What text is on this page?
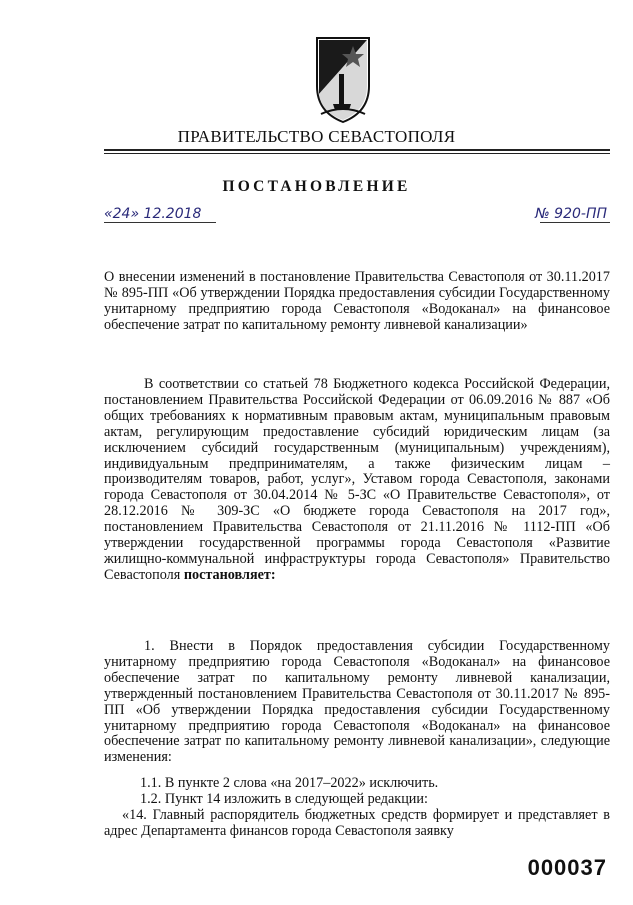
ПРАВИТЕЛЬСТВО СЕВАСТОПОЛЯ
ПОСТАНОВЛЕНИЕ
«24» 12.2018	№ 920-ПП
О внесении изменений в постановление Правительства Севастополя от 30.11.2017 № 895-ПП «Об утверждении Порядка предоставления субсидии Государственному унитарному предприятию города Севастополя «Водоканал» на финансовое обеспечение затрат по капитальному ремонту ливневой канализации»
В соответствии со статьей 78 Бюджетного кодекса Российской Федерации, постановлением Правительства Российской Федерации от 06.09.2016 № 887 «Об общих требованиях к нормативным правовым актам, муниципальным правовым актам, регулирующим предоставление субсидий юридическим лицам (за исключением субсидий государственным (муниципальным) учреждениям), индивидуальным предпринимателям, а также физическим лицам – производителям товаров, работ, услуг», Уставом города Севастополя, законами города Севастополя от 30.04.2014 № 5-ЗС «О Правительстве Севастополя», от 28.12.2016 № 309-ЗС «О бюджете города Севастополя на 2017 год», постановлением Правительства Севастополя от 21.11.2016 № 1112-ПП «Об утверждении государственной программы города Севастополя «Развитие жилищно-коммунальной инфраструктуры города Севастополя» Правительство Севастополя постановляет:
1. Внести в Порядок предоставления субсидии Государственному унитарному предприятию города Севастополя «Водоканал» на финансовое обеспечение затрат по капитальному ремонту ливневой канализации, утвержденный постановлением Правительства Севастополя от 30.11.2017 № 895-ПП «Об утверждении Порядка предоставления субсидии Государственному унитарному предприятию города Севастополя «Водоканал» на финансовое обеспечение затрат по капитальному ремонту ливневой канализации», следующие изменения:
1.1. В пункте 2 слова «на 2017–2022» исключить.
1.2. Пункт 14 изложить в следующей редакции:
«14. Главный распорядитель бюджетных средств формирует и представляет в адрес Департамента финансов города Севастополя заявку
000037
